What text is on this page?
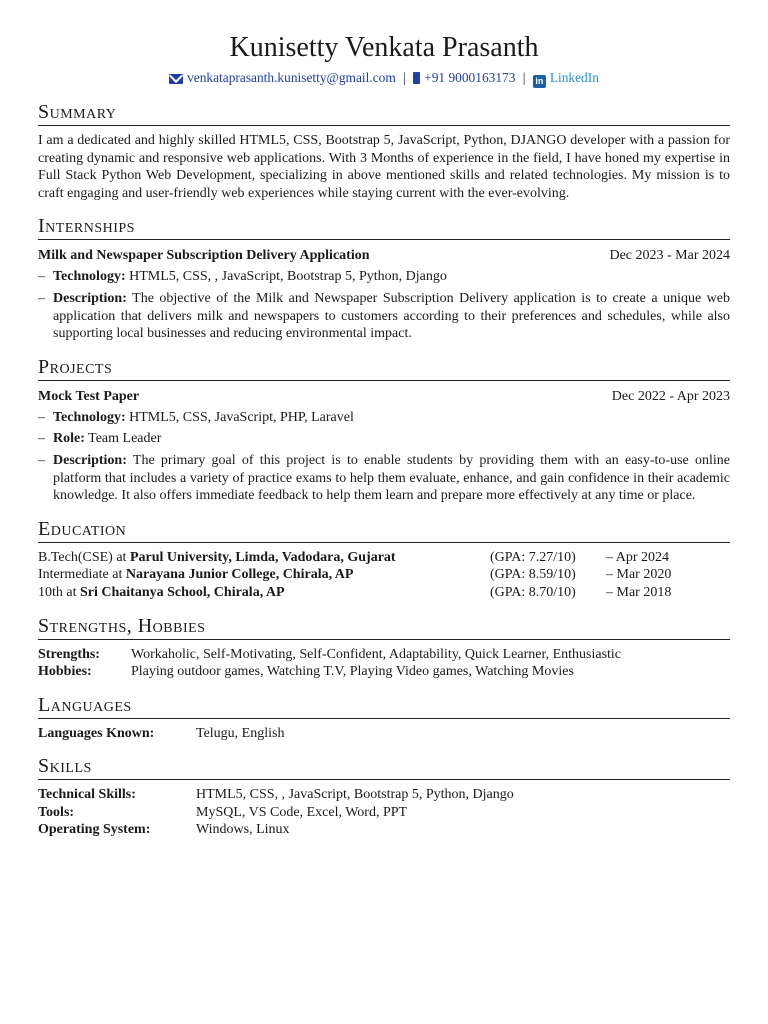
Kunisetty Venkata Prasanth
venkataprasanth.kunisetty@gmail.com | +91 9000163173 | in LinkedIn
Summary
I am a dedicated and highly skilled HTML5, CSS, Bootstrap 5, JavaScript, Python, DJANGO developer with a passion for creating dynamic and responsive web applications. With 3 Months of experience in the field, I have honed my expertise in Full Stack Python Web Development, specializing in above mentioned skills and related technologies. My mission is to craft engaging and user-friendly web experiences while staying current with the ever-evolving.
Internships
Milk and Newspaper Subscription Delivery Application	Dec 2023 - Mar 2024
– Technology: HTML5, CSS, , JavaScript, Bootstrap 5, Python, Django
– Description: The objective of the Milk and Newspaper Subscription Delivery application is to create a unique web application that delivers milk and newspapers to customers according to their preferences and schedules, while also supporting local businesses and reducing environmental impact.
Projects
Mock Test Paper	Dec 2022 - Apr 2023
– Technology: HTML5, CSS, JavaScript, PHP, Laravel
– Role: Team Leader
– Description: The primary goal of this project is to enable students by providing them with an easy-to-use online platform that includes a variety of practice exams to help them evaluate, enhance, and gain confidence in their academic knowledge. It also offers immediate feedback to help them learn and prepare more effectively at any time or place.
Education
B.Tech(CSE) at Parul University, Limda, Vadodara, Gujarat	(GPA: 7.27/10)	– Apr 2024
Intermediate at Narayana Junior College, Chirala, AP	(GPA: 8.59/10)	– Mar 2020
10th at Sri Chaitanya School, Chirala, AP	(GPA: 8.70/10)	– Mar 2018
Strengths, Hobbies
Strengths:	Workaholic, Self-Motivating, Self-Confident, Adaptability, Quick Learner, Enthusiastic
Hobbies:	Playing outdoor games, Watching T.V, Playing Video games, Watching Movies
Languages
Languages Known:	Telugu, English
Skills
Technical Skills:	HTML5, CSS, , JavaScript, Bootstrap 5, Python, Django
Tools:	MySQL, VS Code, Excel, Word, PPT
Operating System:	Windows, Linux
